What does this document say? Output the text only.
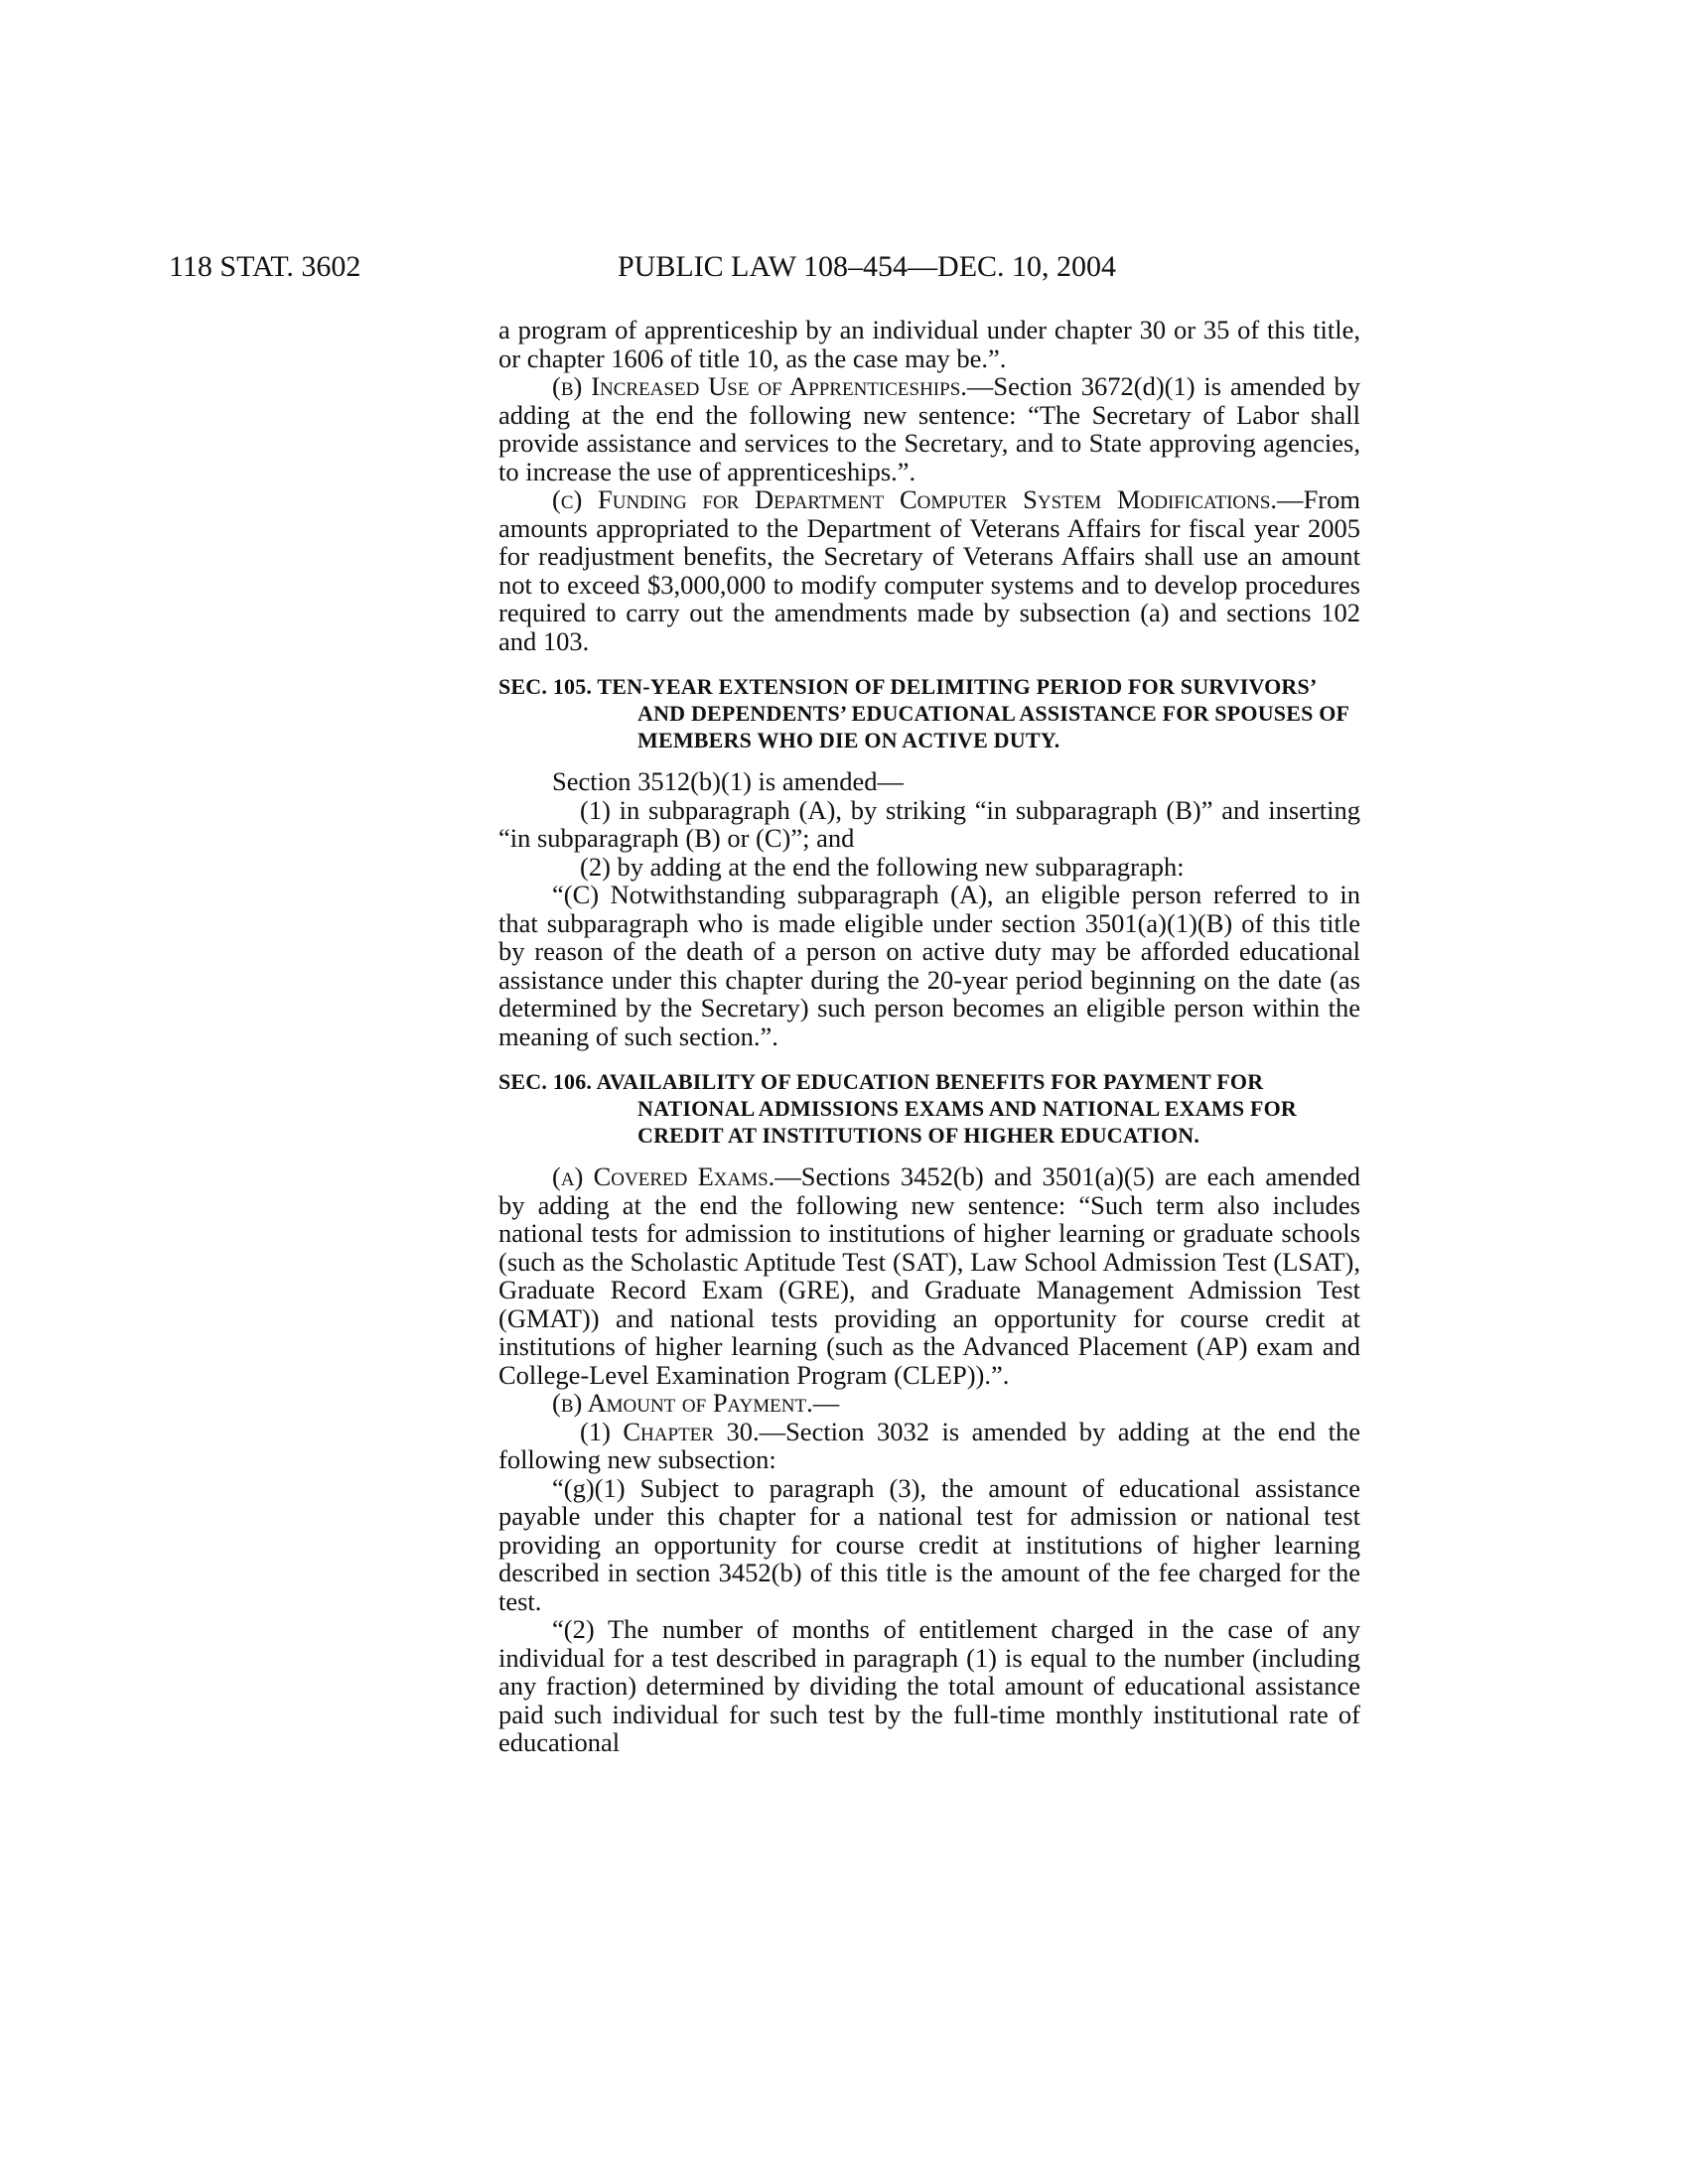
118 STAT. 3602	PUBLIC LAW 108–454—DEC. 10, 2004

a program of apprenticeship by an individual under chapter 30 or 35 of this title, or chapter 1606 of title 10, as the case may be.”.

(b) Increased Use of Apprenticeships.—Section 3672(d)(1) is amended by adding at the end the following new sentence: “The Secretary of Labor shall provide assistance and services to the Secretary, and to State approving agencies, to increase the use of apprenticeships.”.

(c) Funding for Department Computer System Modifications.—From amounts appropriated to the Department of Veterans Affairs for fiscal year 2005 for readjustment benefits, the Secretary of Veterans Affairs shall use an amount not to exceed $3,000,000 to modify computer systems and to develop procedures required to carry out the amendments made by subsection (a) and sections 102 and 103.

SEC. 105. TEN-YEAR EXTENSION OF DELIMITING PERIOD FOR SURVIVORS’ AND DEPENDENTS’ EDUCATIONAL ASSISTANCE FOR SPOUSES OF MEMBERS WHO DIE ON ACTIVE DUTY.

Section 3512(b)(1) is amended—

(1) in subparagraph (A), by striking “in subparagraph (B)” and inserting “in subparagraph (B) or (C)”; and

(2) by adding at the end the following new subparagraph:

“(C) Notwithstanding subparagraph (A), an eligible person referred to in that subparagraph who is made eligible under section 3501(a)(1)(B) of this title by reason of the death of a person on active duty may be afforded educational assistance under this chapter during the 20-year period beginning on the date (as determined by the Secretary) such person becomes an eligible person within the meaning of such section.”.

SEC. 106. AVAILABILITY OF EDUCATION BENEFITS FOR PAYMENT FOR NATIONAL ADMISSIONS EXAMS AND NATIONAL EXAMS FOR CREDIT AT INSTITUTIONS OF HIGHER EDUCATION.

(a) Covered Exams.—Sections 3452(b) and 3501(a)(5) are each amended by adding at the end the following new sentence: “Such term also includes national tests for admission to institutions of higher learning or graduate schools (such as the Scholastic Aptitude Test (SAT), Law School Admission Test (LSAT), Graduate Record Exam (GRE), and Graduate Management Admission Test (GMAT)) and national tests providing an opportunity for course credit at institutions of higher learning (such as the Advanced Placement (AP) exam and College-Level Examination Program (CLEP)).”.

(b) Amount of Payment.—

(1) Chapter 30.—Section 3032 is amended by adding at the end the following new subsection:

“(g)(1) Subject to paragraph (3), the amount of educational assistance payable under this chapter for a national test for admission or national test providing an opportunity for course credit at institutions of higher learning described in section 3452(b) of this title is the amount of the fee charged for the test.

“(2) The number of months of entitlement charged in the case of any individual for a test described in paragraph (1) is equal to the number (including any fraction) determined by dividing the total amount of educational assistance paid such individual for such test by the full-time monthly institutional rate of educational
